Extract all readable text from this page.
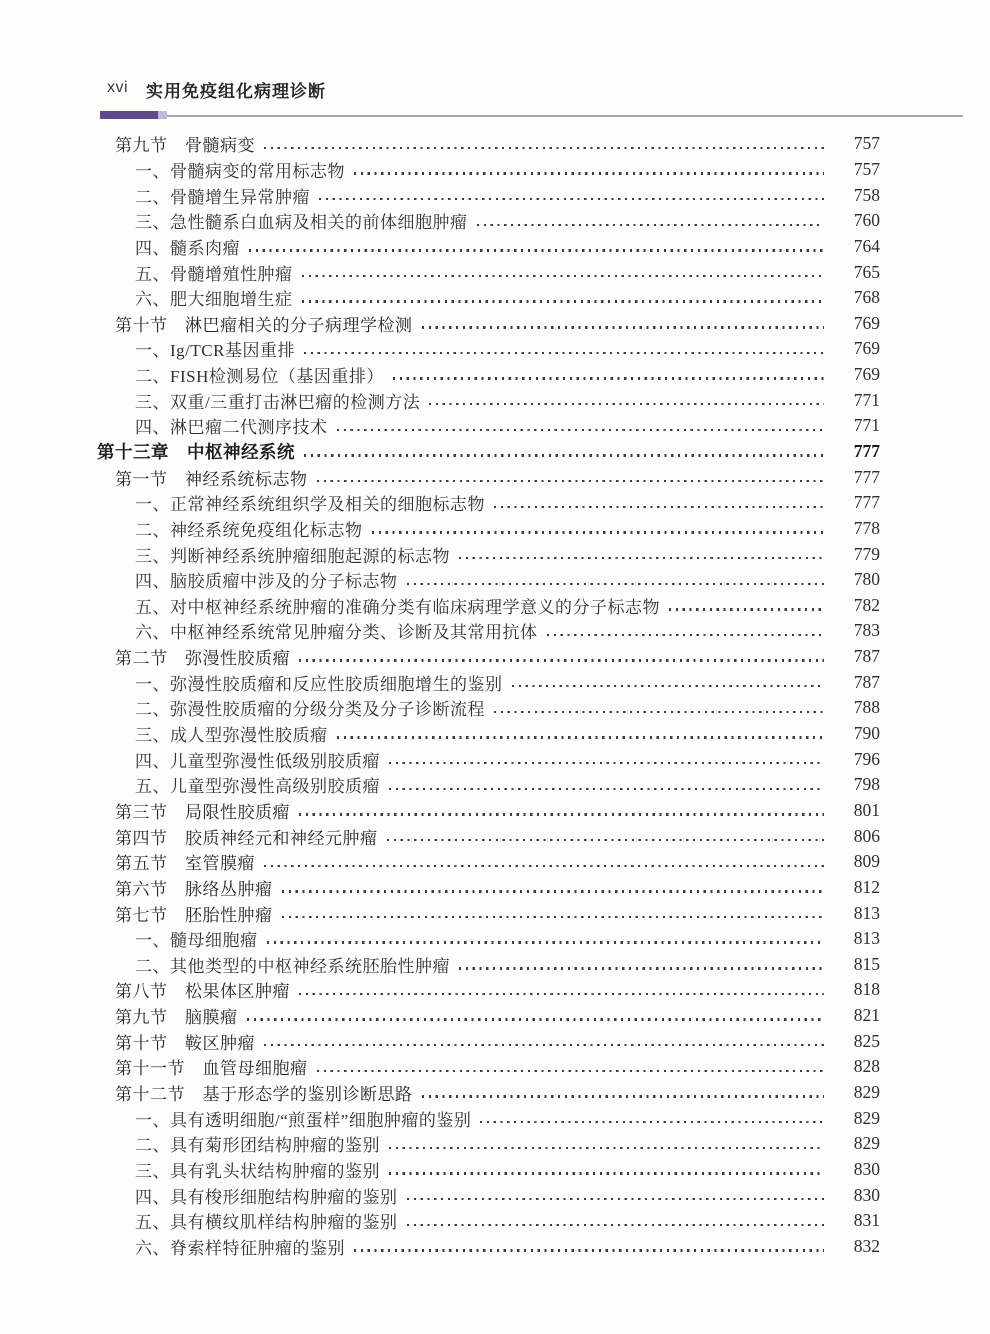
xvi 实用免疫组化病理诊断
第九节　骨髓病变	757
一、骨髓病变的常用标志物	757
二、骨髓增生异常肿瘤	758
三、急性髓系白血病及相关的前体细胞肿瘤	760
四、髓系肉瘤	764
五、骨髓增殖性肿瘤	765
六、肥大细胞增生症	768
第十节　淋巴瘤相关的分子病理学检测	769
一、Ig/TCR基因重排	769
二、FISH检测易位（基因重排）	769
三、双重/三重打击淋巴瘤的检测方法	771
四、淋巴瘤二代测序技术	771
第十三章　中枢神经系统	777
第一节　神经系统标志物	777
一、正常神经系统组织学及相关的细胞标志物	777
二、神经系统免疫组化标志物	778
三、判断神经系统肿瘤细胞起源的标志物	779
四、脑胶质瘤中涉及的分子标志物	780
五、对中枢神经系统肿瘤的准确分类有临床病理学意义的分子标志物	782
六、中枢神经系统常见肿瘤分类、诊断及其常用抗体	783
第二节　弥漫性胶质瘤	787
一、弥漫性胶质瘤和反应性胶质细胞增生的鉴别	787
二、弥漫性胶质瘤的分级分类及分子诊断流程	788
三、成人型弥漫性胶质瘤	790
四、儿童型弥漫性低级别胶质瘤	796
五、儿童型弥漫性高级别胶质瘤	798
第三节　局限性胶质瘤	801
第四节　胶质神经元和神经元肿瘤	806
第五节　室管膜瘤	809
第六节　脉络丛肿瘤	812
第七节　胚胎性肿瘤	813
一、髓母细胞瘤	813
二、其他类型的中枢神经系统胚胎性肿瘤	815
第八节　松果体区肿瘤	818
第九节　脑膜瘤	821
第十节　鞍区肿瘤	825
第十一节　血管母细胞瘤	828
第十二节　基于形态学的鉴别诊断思路	829
一、具有透明细胞/“煎蛋样”细胞肿瘤的鉴别	829
二、具有菊形团结构肿瘤的鉴别	829
三、具有乳头状结构肿瘤的鉴别	830
四、具有梭形细胞结构肿瘤的鉴别	830
五、具有横纹肌样结构肿瘤的鉴别	831
六、脊索样特征肿瘤的鉴别	832
